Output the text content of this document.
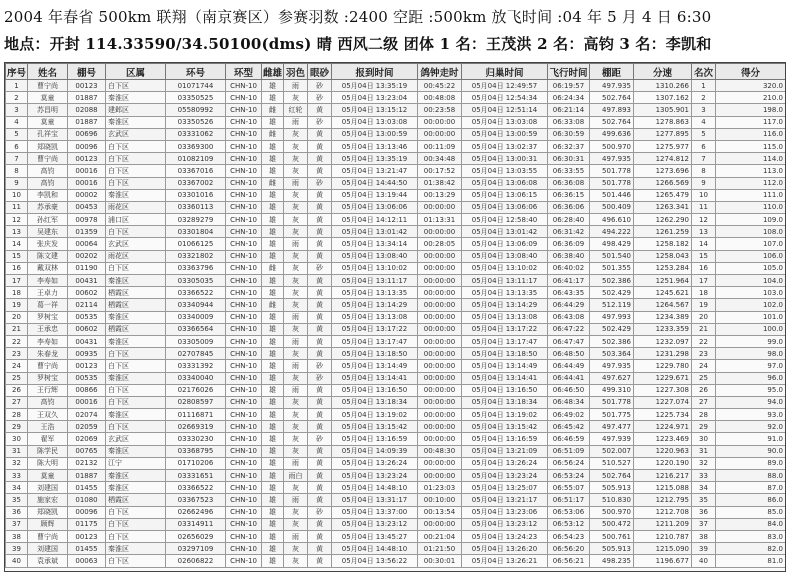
2004 年春省 500km 联翔（南京赛区）参赛羽数 :2400 空距 :500km 放飞时间 :04 年 5 月 4 日 6:30
地点：开封 114.33590/34.50100(dms) 晴 西风二级 团体 1 名：王茂洪 2 名：高钧 3 名：李凯和
序号	姓名	棚号	区属	环号	环型	雌雄	羽色	眼砂	报到时间	鸽钟走时	归巢时间	飞行时间	棚距	分速	名次	得分
1	曹宁尚	00123	白下区	01071744	CHN-10	雄	雨	砂	05月04日 13:35:19	00:45:22	05月04日 12:49:57	06:19:57	497.935	1310.266	1	320.0
2	莫童	01887	秦淮区	03350525	CHN-10	雄	灰	砂	05月04日 13:23:04	00:48:08	05月04日 12:54:34	06:24:34	502.764	1307.162	2	210.0
3	苏昌明	02088	建邺区	05580992	CHN-10	雌	红轮	黄	05月04日 13:15:12	00:23:58	05月04日 12:51:14	06:21:14	497.893	1305.901	3	198.0
4	莫童	01887	秦淮区	03350526	CHN-10	雄	雨	砂	05月04日 13:03:08	00:00:00	05月04日 13:03:08	06:33:08	502.764	1278.863	4	117.0
5	孔祥宝	00696	玄武区	03331062	CHN-10	雌	灰	黄	05月04日 13:00:59	00:00:00	05月04日 13:00:59	06:30:59	499.636	1277.895	5	116.0
6	郑晓凯	00096	白下区	03369300	CHN-10	雄	灰	黄	05月04日 13:13:46	00:11:09	05月04日 13:02:37	06:32:37	500.970	1275.977	6	115.0
7	曹宁尚	00123	白下区	01082109	CHN-10	雄	灰	黄	05月04日 13:35:19	00:34:48	05月04日 13:00:31	06:30:31	497.935	1274.812	7	114.0
8	高钧	00016	白下区	03367016	CHN-10	雄	灰	黄	05月04日 13:21:47	00:17:52	05月04日 13:03:55	06:33:55	501.778	1273.696	8	113.0
9	高钧	00016	白下区	03367002	CHN-10	雌	雨	砂	05月04日 14:44:50	01:38:42	05月04日 13:06:08	06:36:08	501.778	1266.569	9	112.0
10	李凯和	00002	秦淮区	03301016	CHN-10	雄	灰	黄	05月04日 13:19:44	00:13:29	05月04日 13:06:15	06:36:15	501.446	1265.479	10	111.0
11	苏承豪	00453	雨花区	03360113	CHN-10	雄	灰	黄	05月04日 13:06:06	00:00:00	05月04日 13:06:06	06:36:06	500.409	1263.341	11	110.0
12	孙红军	00978	浦口区	03289279	CHN-10	雄	灰	黄	05月04日 14:12:11	01:13:31	05月04日 12:58:40	06:28:40	496.610	1262.290	12	109.0
13	吴建东	01359	白下区	03301804	CHN-10	雄	灰	黄	05月04日 13:01:42	00:00:00	05月04日 13:01:42	06:31:42	494.222	1261.259	13	108.0
14	张庆发	00064	玄武区	01066125	CHN-10	雄	雨	黄	05月04日 13:34:14	00:28:05	05月04日 13:06:09	06:36:09	498.429	1258.182	14	107.0
15	陈文建	00202	雨花区	03321802	CHN-10	雄	灰	黄	05月04日 13:08:40	00:00:00	05月04日 13:08:40	06:38:40	501.540	1258.043	15	106.0
16	戴双林	01190	白下区	03363796	CHN-10	雌	灰	砂	05月04日 13:10:02	00:00:00	05月04日 13:10:02	06:40:02	501.355	1253.284	16	105.0
17	李寿如	00431	秦淮区	03305035	CHN-10	雄	灰	黄	05月04日 13:11:17	00:00:00	05月04日 13:11:17	06:41:17	502.386	1251.964	17	104.0
18	王卓力	00602	栖霞区	03366522	CHN-10	雄	灰	黄	05月04日 13:13:35	00:00:00	05月04日 13:13:35	06:43:35	502.429	1245.621	18	103.0
19	葛一祥	02114	栖霞区	03340944	CHN-10	雌	灰	黄	05月04日 13:14:29	00:00:00	05月04日 13:14:29	06:44:29	512.119	1264.567	19	102.0
20	罗树宝	00535	秦淮区	03340009	CHN-10	雄	雨	黄	05月04日 13:13:08	00:00:00	05月04日 13:13:08	06:43:08	497.993	1234.389	20	101.0
21	王承忠	00602	栖霞区	03366564	CHN-10	雄	灰	黄	05月04日 13:17:22	00:00:00	05月04日 13:17:22	06:47:22	502.429	1233.359	21	100.0
22	李寿如	00431	秦淮区	03305009	CHN-10	雄	雨	黄	05月04日 13:17:47	00:00:00	05月04日 13:17:47	06:47:47	502.386	1232.097	22	99.0
23	朱春龙	00935	白下区	02707845	CHN-10	雄	灰	黄	05月04日 13:18:50	00:00:00	05月04日 13:18:50	06:48:50	503.364	1231.298	23	98.0
24	曹宁尚	00123	白下区	03331392	CHN-10	雄	雨	砂	05月04日 13:14:49	00:00:00	05月04日 13:14:49	06:44:49	497.935	1229.780	24	97.0
25	罗树宝	00535	秦淮区	03340040	CHN-10	雄	灰	砂	05月04日 13:14:41	00:00:00	05月04日 13:14:41	06:44:41	497.627	1229.671	25	96.0
26	王行辉	00866	白下区	02176026	CHN-10	雄	雨	黄	05月04日 13:16:50	00:00:00	05月04日 13:16:50	06:46:50	499.310	1227.308	26	95.0
27	高钧	00016	白下区	02808597	CHN-10	雄	灰	黄	05月04日 13:18:34	00:00:00	05月04日 13:18:34	06:48:34	501.778	1227.074	27	94.0
28	王双久	02074	秦淮区	01116871	CHN-10	雄	灰	黄	05月04日 13:19:02	00:00:00	05月04日 13:19:02	06:49:02	501.775	1225.734	28	93.0
29	王浩	02059	白下区	02669319	CHN-10	雄	灰	黄	05月04日 13:15:42	00:00:00	05月04日 13:15:42	06:45:42	497.477	1224.971	29	92.0
30	翟军	02069	玄武区	03330230	CHN-10	雄	灰	砂	05月04日 13:16:59	00:00:00	05月04日 13:16:59	06:46:59	497.939	1223.469	30	91.0
31	陈学民	00765	秦淮区	03368795	CHN-10	雄	灰	黄	05月04日 14:09:39	00:48:30	05月04日 13:21:09	06:51:09	502.007	1220.963	31	90.0
32	陈大明	02132	江宁	01710206	CHN-10	雄	雨	黄	05月04日 13:26:24	00:00:00	05月04日 13:26:24	06:56:24	510.527	1220.190	32	89.0
33	莫童	01887	秦淮区	03331651	CHN-10	雄	雨白	黄	05月04日 13:23:24	00:00:00	05月04日 13:23:24	06:53:24	502.764	1216.217	33	88.0
34	刘建国	01455	秦淮区	03366522	CHN-10	雄	灰	黄	05月04日 14:48:10	01:23:03	05月04日 13:25:07	06:55:07	505.913	1215.088	34	87.0
35	施家宏	01080	栖霞区	03367523	CHN-10	雄	雨	黄	05月04日 13:31:17	00:10:00	05月04日 13:21:17	06:51:17	510.830	1212.795	35	86.0
36	郑晓凯	00096	白下区	02662496	CHN-10	雄	灰	砂	05月04日 13:37:00	00:13:54	05月04日 13:23:06	06:53:06	500.970	1212.708	36	85.0
37	顾辉	01175	白下区	03314911	CHN-10	雄	灰	黄	05月04日 13:23:12	00:00:00	05月04日 13:23:12	06:53:12	500.472	1211.209	37	84.0
38	曹宁尚	00123	白下区	02656029	CHN-10	雄	雨	黄	05月04日 13:45:27	00:21:04	05月04日 13:24:23	06:54:23	500.761	1210.787	38	83.0
39	刘建国	01455	秦淮区	03297109	CHN-10	雄	灰	黄	05月04日 14:48:10	01:21:50	05月04日 13:26:20	06:56:20	505.913	1215.090	39	82.0
40	袁承斌	00063	白下区	02606822	CHN-10	雄	灰	黄	05月04日 13:56:22	00:30:01	05月04日 13:26:21	06:56:21	498.235	1196.677	40	81.0
